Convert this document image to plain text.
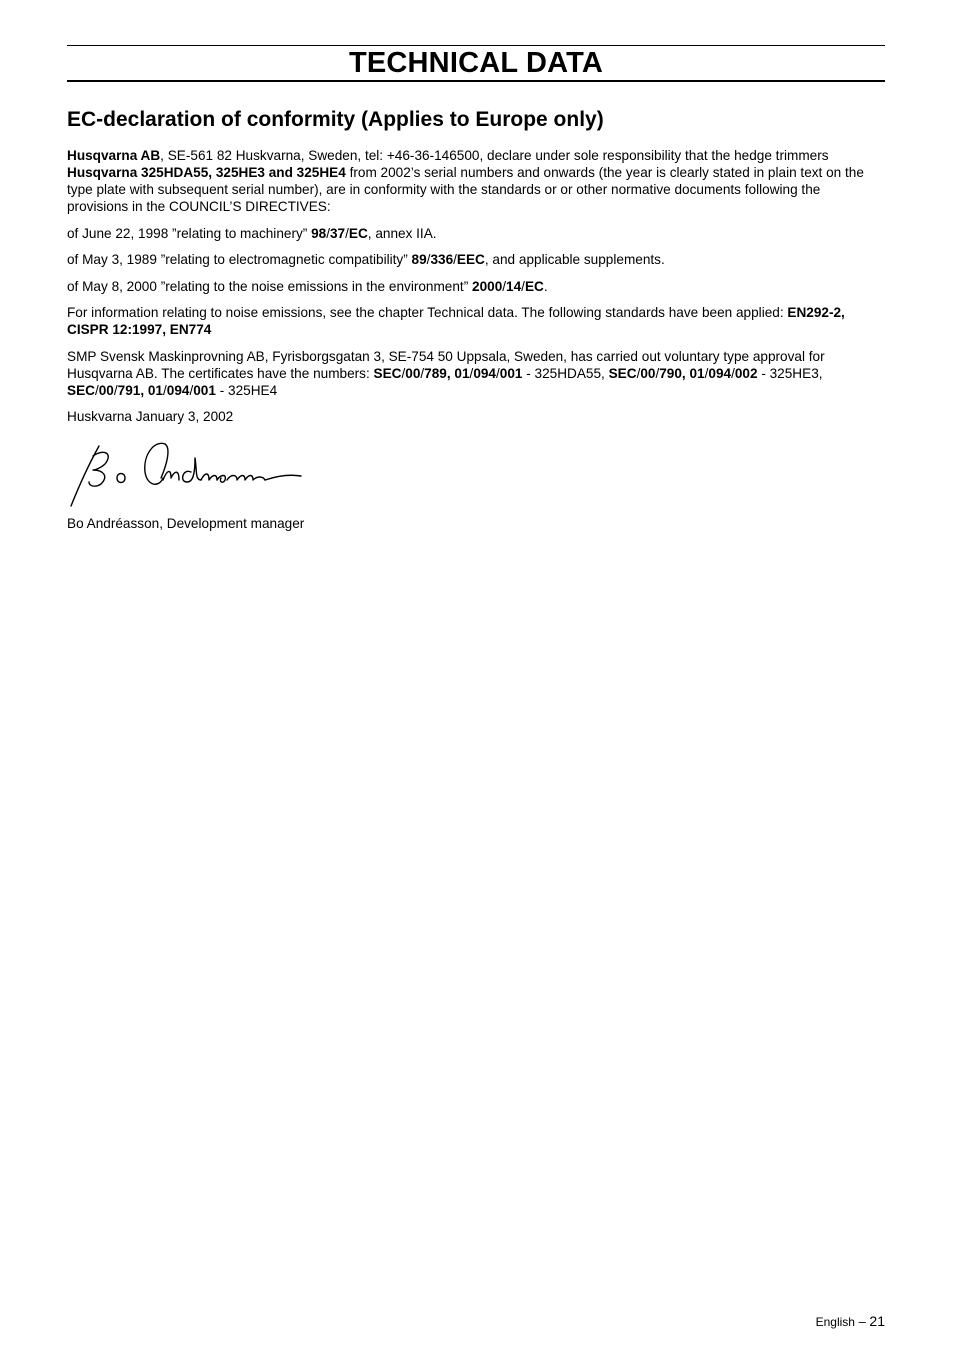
TECHNICAL DATA
EC-declaration of conformity (Applies to Europe only)

Husqvarna AB, SE-561 82 Huskvarna, Sweden, tel: +46-36-146500, declare under sole responsibility that the hedge trimmers Husqvarna 325HDA55, 325HE3 and 325HE4 from 2002’s serial numbers and onwards (the year is clearly stated in plain text on the type plate with subsequent serial number), are in conformity with the standards or or other normative documents following the provisions in the COUNCIL’S DIRECTIVES:

of June 22, 1998 ”relating to machinery” 98/37/EC, annex IIA.

of May 3, 1989 ”relating to electromagnetic compatibility” 89/336/EEC, and applicable supplements.

of May 8, 2000 ”relating to the noise emissions in the environment” 2000/14/EC.

For information relating to noise emissions, see the chapter Technical data. The following standards have been applied: EN292-2, CISPR 12:1997, EN774

SMP Svensk Maskinprovning AB, Fyrisborgsgatan 3, SE-754 50 Uppsala, Sweden, has carried out voluntary type approval for Husqvarna AB. The certificates have the numbers: SEC/00/789, 01/094/001 - 325HDA55, SEC/00/790, 01/094/002 - 325HE3, SEC/00/791, 01/094/001 - 325HE4

Huskvarna January 3, 2002

Bo Andréasson, Development manager
English – 21
